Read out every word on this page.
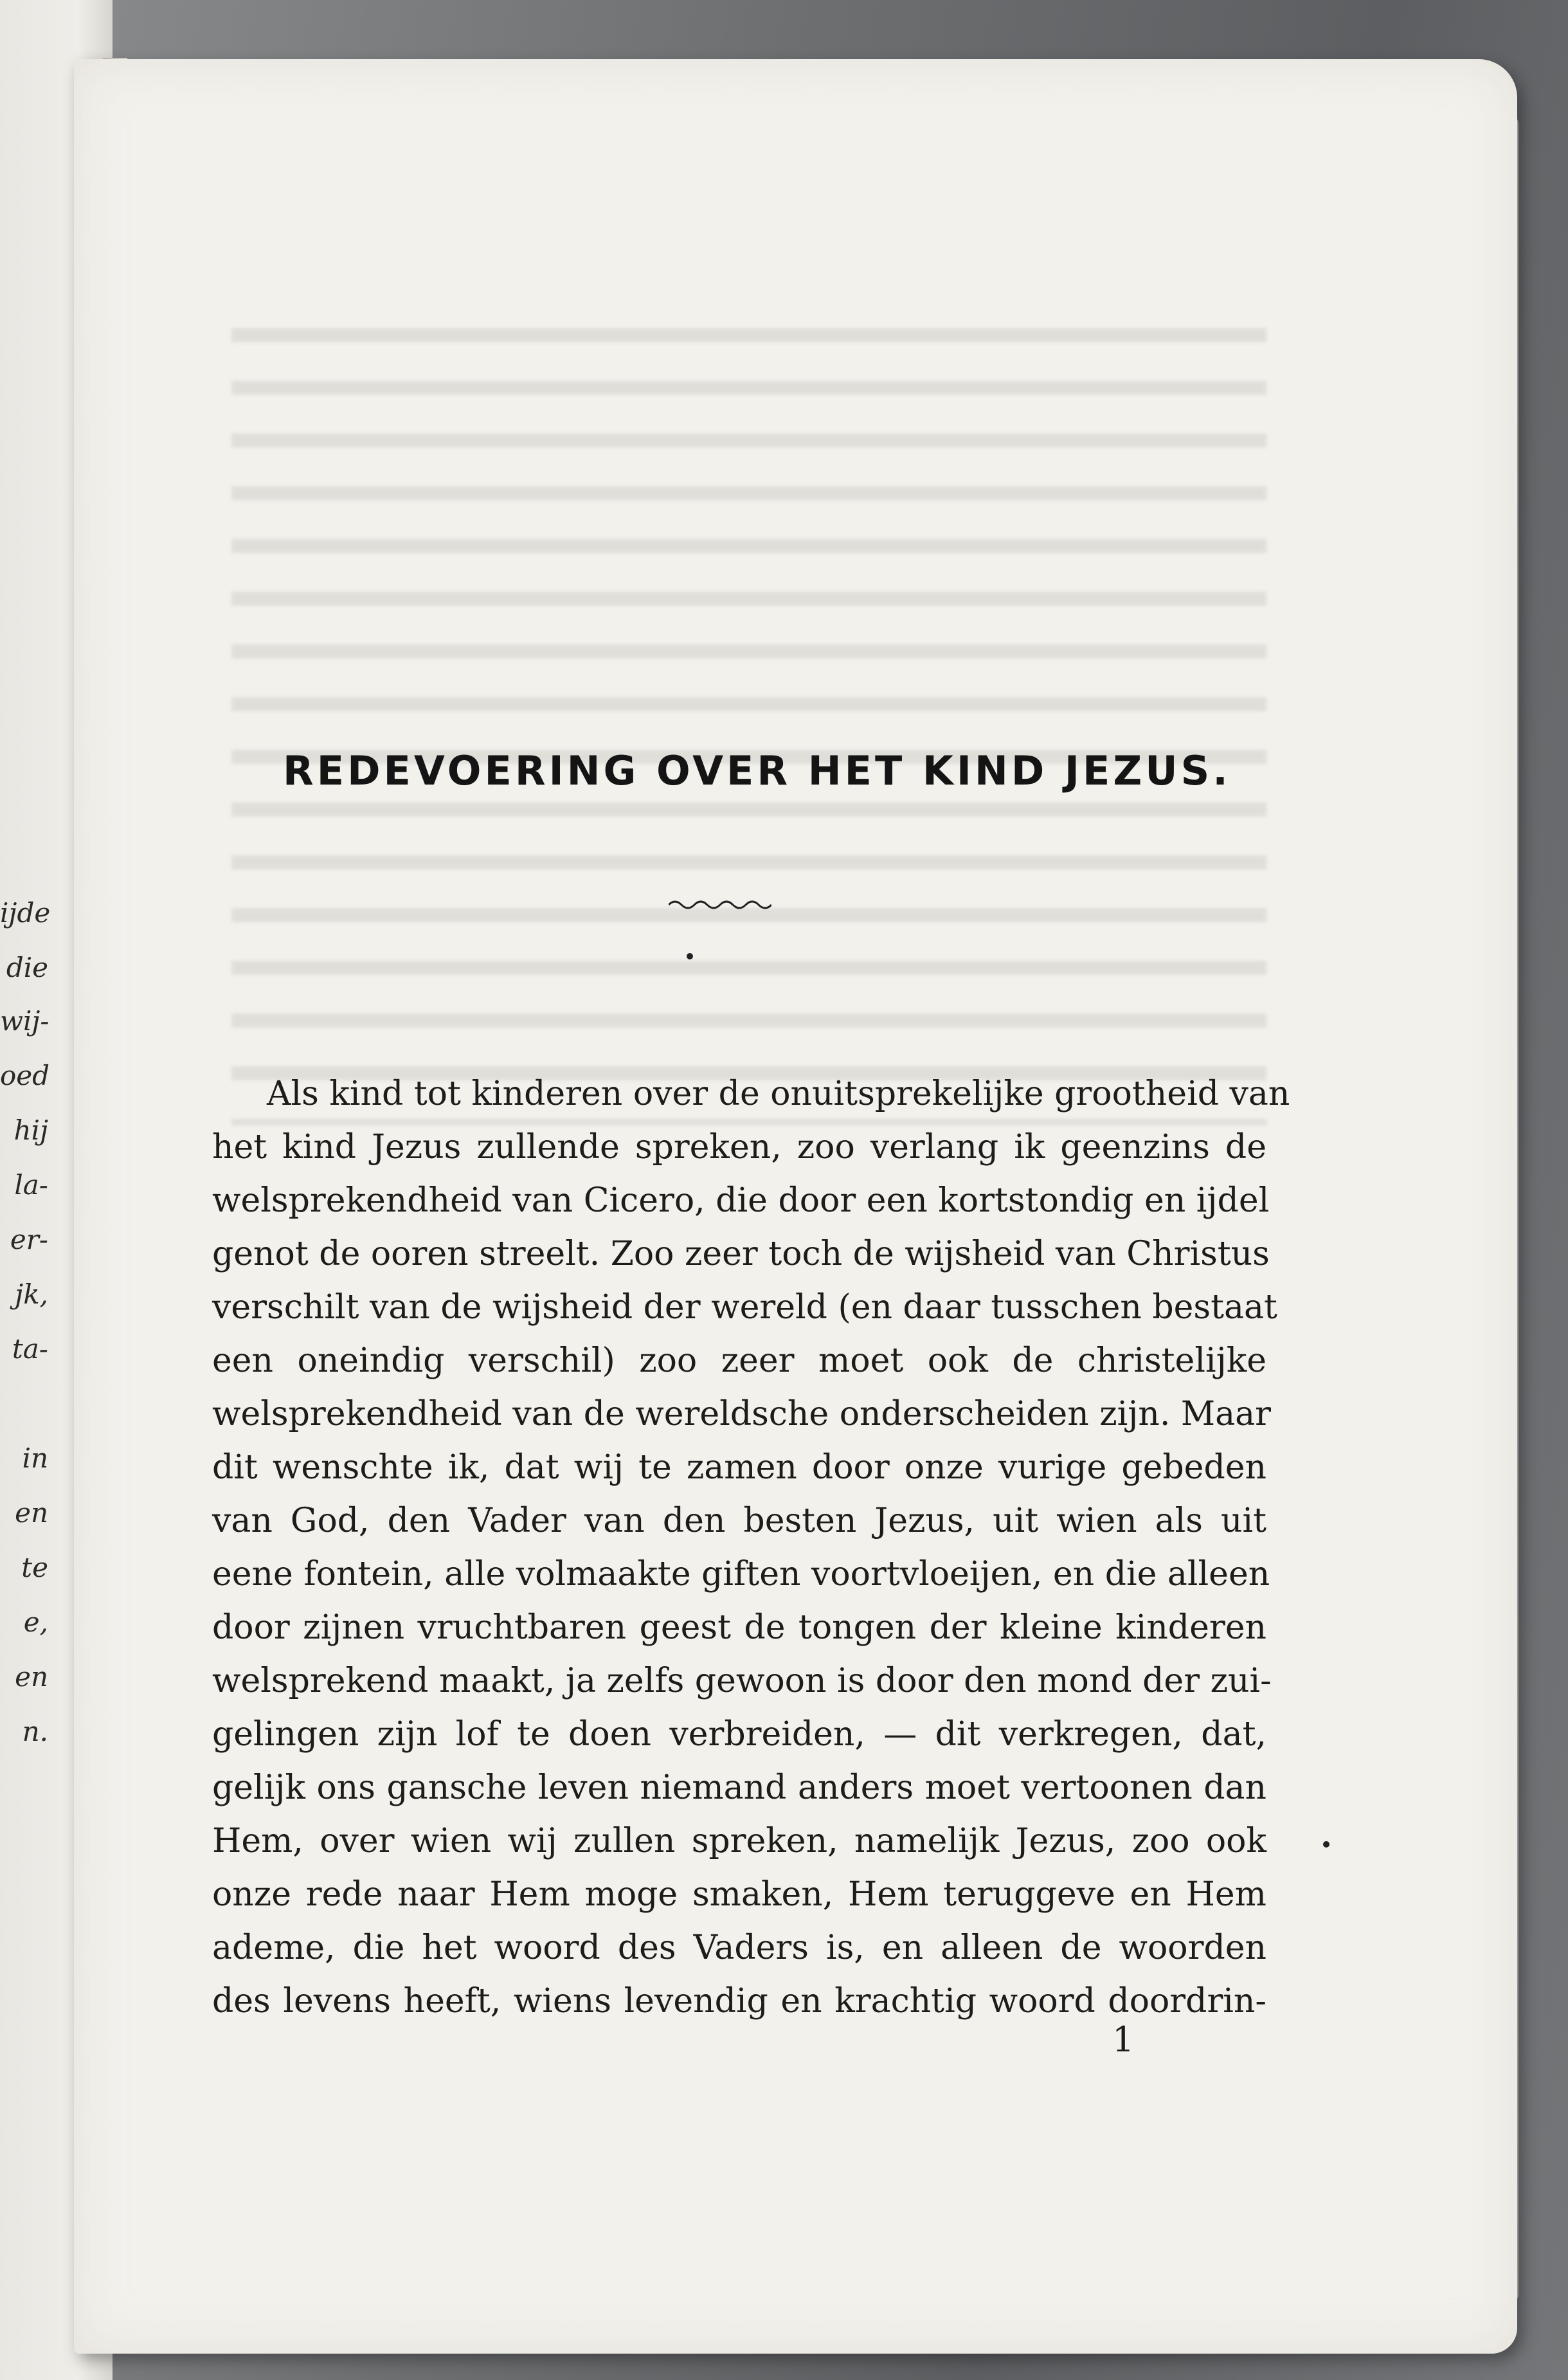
ijde
die
wij-
oed
hij
la-
er-
jk,
ta-
in
en
te
e,
en
n.
REDEVOERING OVER HET KIND JEZUS.
Als kind tot kinderen over de onuitsprekelijke grootheid van
het kind Jezus zullende spreken, zoo verlang ik geenzins de
welsprekendheid van Cicero, die door een kortstondig en ijdel
genot de ooren streelt. Zoo zeer toch de wijsheid van Christus
verschilt van de wijsheid der wereld (en daar tusschen bestaat
een oneindig verschil) zoo zeer moet ook de christelijke
welsprekendheid van de wereldsche onderscheiden zijn. Maar
dit wenschte ik, dat wij te zamen door onze vurige gebeden
van God, den Vader van den besten Jezus, uit wien als uit
eene fontein, alle volmaakte giften voortvloeijen, en die alleen
door zijnen vruchtbaren geest de tongen der kleine kinderen
welsprekend maakt, ja zelfs gewoon is door den mond der zui-
gelingen zijn lof te doen verbreiden, — dit verkregen, dat,
gelijk ons gansche leven niemand anders moet vertoonen dan
Hem, over wien wij zullen spreken, namelijk Jezus, zoo ook
onze rede naar Hem moge smaken, Hem teruggeve en Hem
ademe, die het woord des Vaders is, en alleen de woorden
des levens heeft, wiens levendig en krachtig woord doordrin-
1
